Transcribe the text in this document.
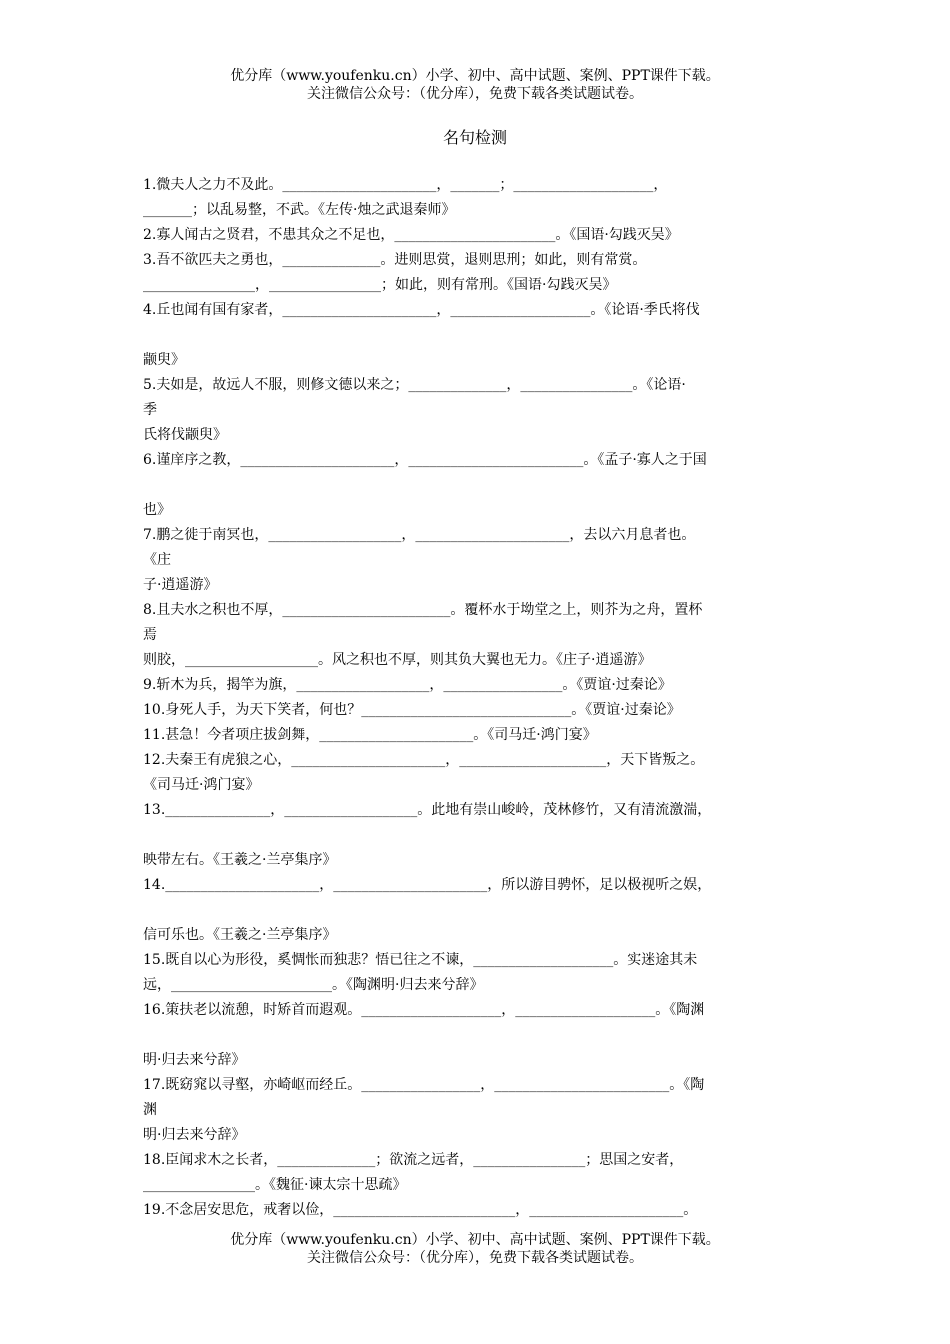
优分库（www.youfenku.cn）小学、初中、高中试题、案例、PPT课件下载。
关注微信公众号：（优分库），免费下载各类试题试卷。
名句检测
1.微夫人之力不及此。______________________，_______；____________________，
_______；以乱易整，不武。《左传·烛之武退秦师》
2.寡人闻古之贤君，不患其众之不足也，_______________________。《国语·勾践灭吴》
3.吾不欲匹夫之勇也，______________。进则思赏，退则思刑；如此，则有常赏。
________________，________________；如此，则有常刑。《国语·勾践灭吴》
4.丘也闻有国有家者，______________________，____________________。《论语·季氏将伐
颛臾》
5.夫如是，故远人不服，则修文德以来之；______________，________________。《论语·
季
氏将伐颛臾》
6.谨庠序之教，______________________，_________________________。《孟子·寡人之于国
也》
7.鹏之徙于南冥也，___________________，______________________，去以六月息者也。
《庄
子·逍遥游》
8.且夫水之积也不厚，________________________。覆杯水于坳堂之上，则芥为之舟，置杯
焉
则胶，___________________。风之积也不厚，则其负大翼也无力。《庄子·逍遥游》
9.斩木为兵，揭竿为旗，___________________，_________________。《贾谊·过秦论》
10.身死人手，为天下笑者，何也？______________________________。《贾谊·过秦论》
11.甚急！今者项庄拔剑舞，______________________。《司马迁·鸿门宴》
12.夫秦王有虎狼之心，______________________，_____________________，天下皆叛之。
《司马迁·鸿门宴》
13._______________，___________________。此地有崇山峻岭，茂林修竹，又有清流激湍，
映带左右。《王羲之·兰亭集序》
14.______________________，______________________，所以游目骋怀，足以极视听之娱，
信可乐也。《王羲之·兰亭集序》
15.既自以心为形役，奚惆怅而独悲？悟已往之不谏，____________________。实迷途其未
远，_______________________。《陶渊明·归去来兮辞》
16.策扶老以流憩，时矫首而遐观。____________________，____________________。《陶渊
明·归去来兮辞》
17.既窈窕以寻壑，亦崎岖而经丘。_________________，_________________________。《陶
渊
明·归去来兮辞》
18.臣闻求木之长者，______________；欲流之远者，________________；思国之安者，
________________。《魏征·谏太宗十思疏》
19.不念居安思危，戒奢以俭，__________________________，______________________。
优分库（www.youfenku.cn）小学、初中、高中试题、案例、PPT课件下载。
关注微信公众号：（优分库），免费下载各类试题试卷。
